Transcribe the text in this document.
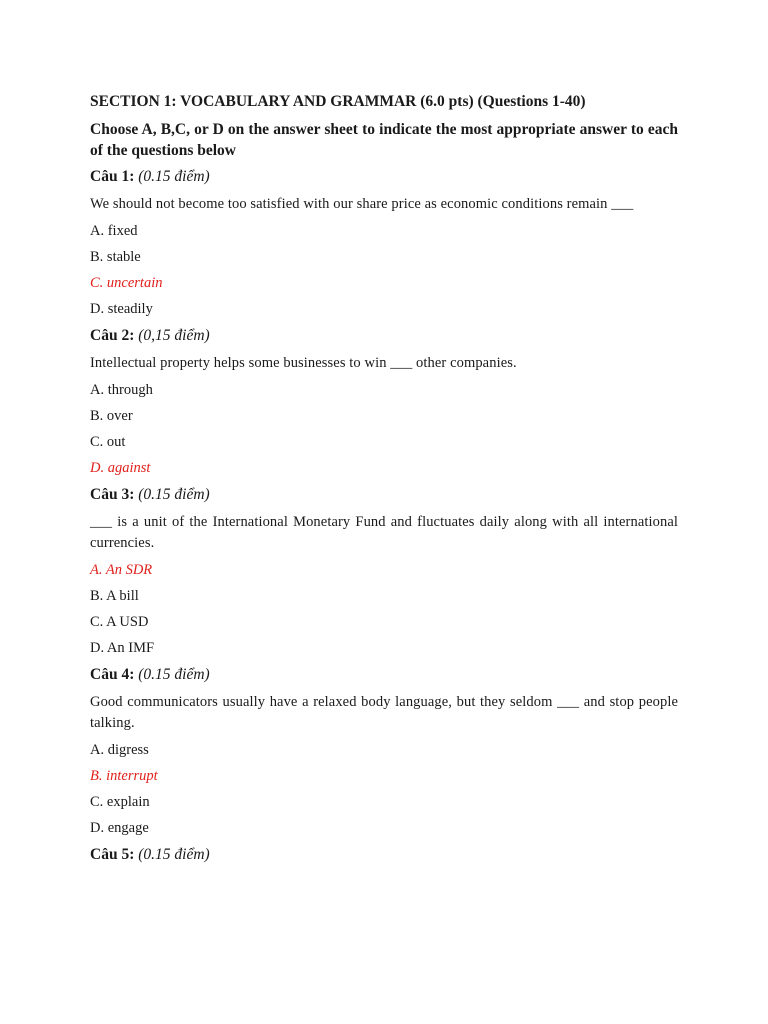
SECTION 1: VOCABULARY AND GRAMMAR (6.0 pts) (Questions 1-40)
Choose A, B,C, or D on the answer sheet to indicate the most appropriate answer to each of the questions below
Câu 1: (0.15 điểm)
We should not become too satisfied with our share price as economic conditions remain ___
A. fixed
B. stable
C. uncertain
D. steadily
Câu 2: (0,15 điểm)
Intellectual property helps some businesses to win ___ other companies.
A. through
B. over
C. out
D. against
Câu 3: (0.15 điểm)
___ is a unit of the International Monetary Fund and fluctuates daily along with all international currencies.
A. An SDR
B. A bill
C. A USD
D. An IMF
Câu 4: (0.15 điểm)
Good communicators usually have a relaxed body language, but they seldom ___ and stop people talking.
A. digress
B. interrupt
C. explain
D. engage
Câu 5: (0.15 điểm)
